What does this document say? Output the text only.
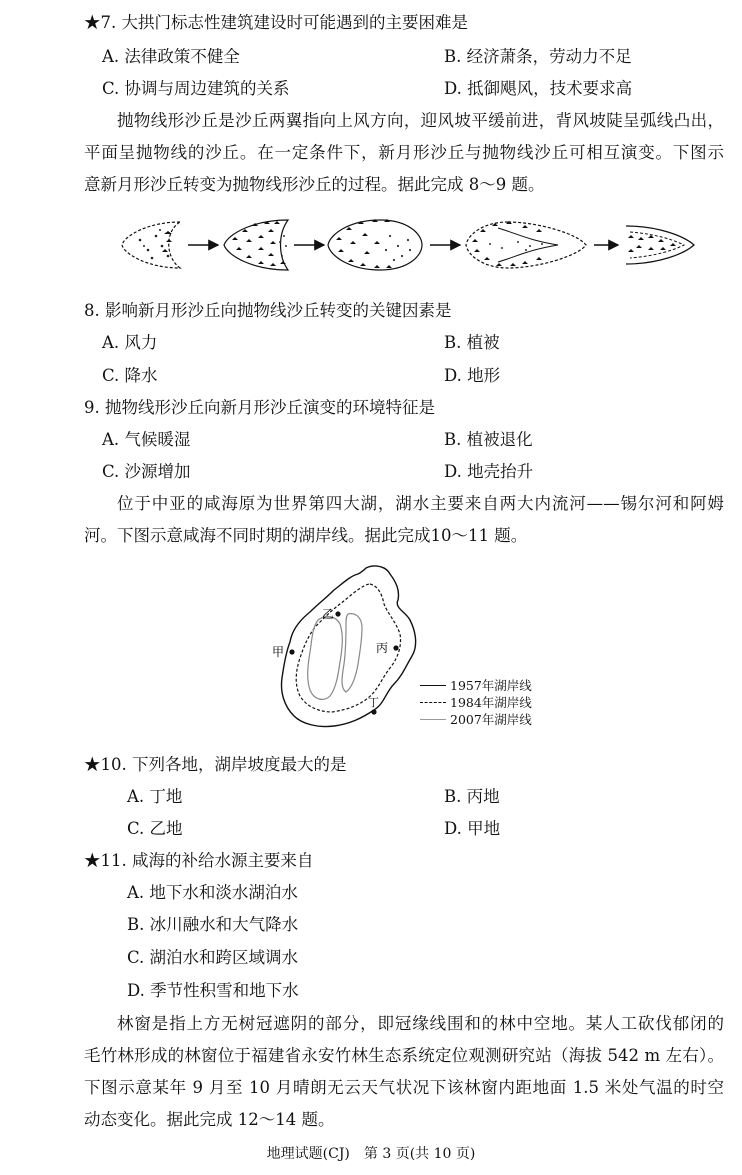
★7. 大拱门标志性建筑建设时可能遇到的主要困难是
A. 法律政策不健全	B. 经济萧条，劳动力不足
C. 协调与周边建筑的关系	D. 抵御飓风，技术要求高

抛物线形沙丘是沙丘两翼指向上风方向，迎风坡平缓前进，背风坡陡呈弧线凸出，

平面呈抛物线的沙丘。在一定条件下，新月形沙丘与抛物线沙丘可相互演变。下图示

意新月形沙丘转变为抛物线形沙丘的过程。据此完成 8～9 题。

8. 影响新月形沙丘向抛物线沙丘转变的关键因素是
A. 风力	B. 植被
C. 降水	D. 地形
9. 抛物线形沙丘向新月形沙丘演变的环境特征是
A. 气候暖湿	B. 植被退化
C. 沙源增加	D. 地壳抬升

位于中亚的咸海原为世界第四大湖，湖水主要来自两大内流河——锡尔河和阿姆

河。下图示意咸海不同时期的湖岸线。据此完成10～11 题。

甲
乙
丙
丁
1957年湖岸线
1984年湖岸线
2007年湖岸线
★10. 下列各地，湖岸坡度最大的是
A. 丁地	B. 丙地
C. 乙地	D. 甲地
★11. 咸海的补给水源主要来自
A. 地下水和淡水湖泊水
B. 冰川融水和大气降水
C. 湖泊水和跨区域调水
D. 季节性积雪和地下水

林窗是指上方无树冠遮阴的部分，即冠缘线围和的林中空地。某人工砍伐郁闭的

毛竹林形成的林窗位于福建省永安竹林生态系统定位观测研究站（海拔 542 m 左右）。

下图示意某年 9 月至 10 月晴朗无云天气状况下该林窗内距地面 1.5 米处气温的时空

动态变化。据此完成 12～14 题。

地理试题(CJ)　第 3 页(共 10 页)
